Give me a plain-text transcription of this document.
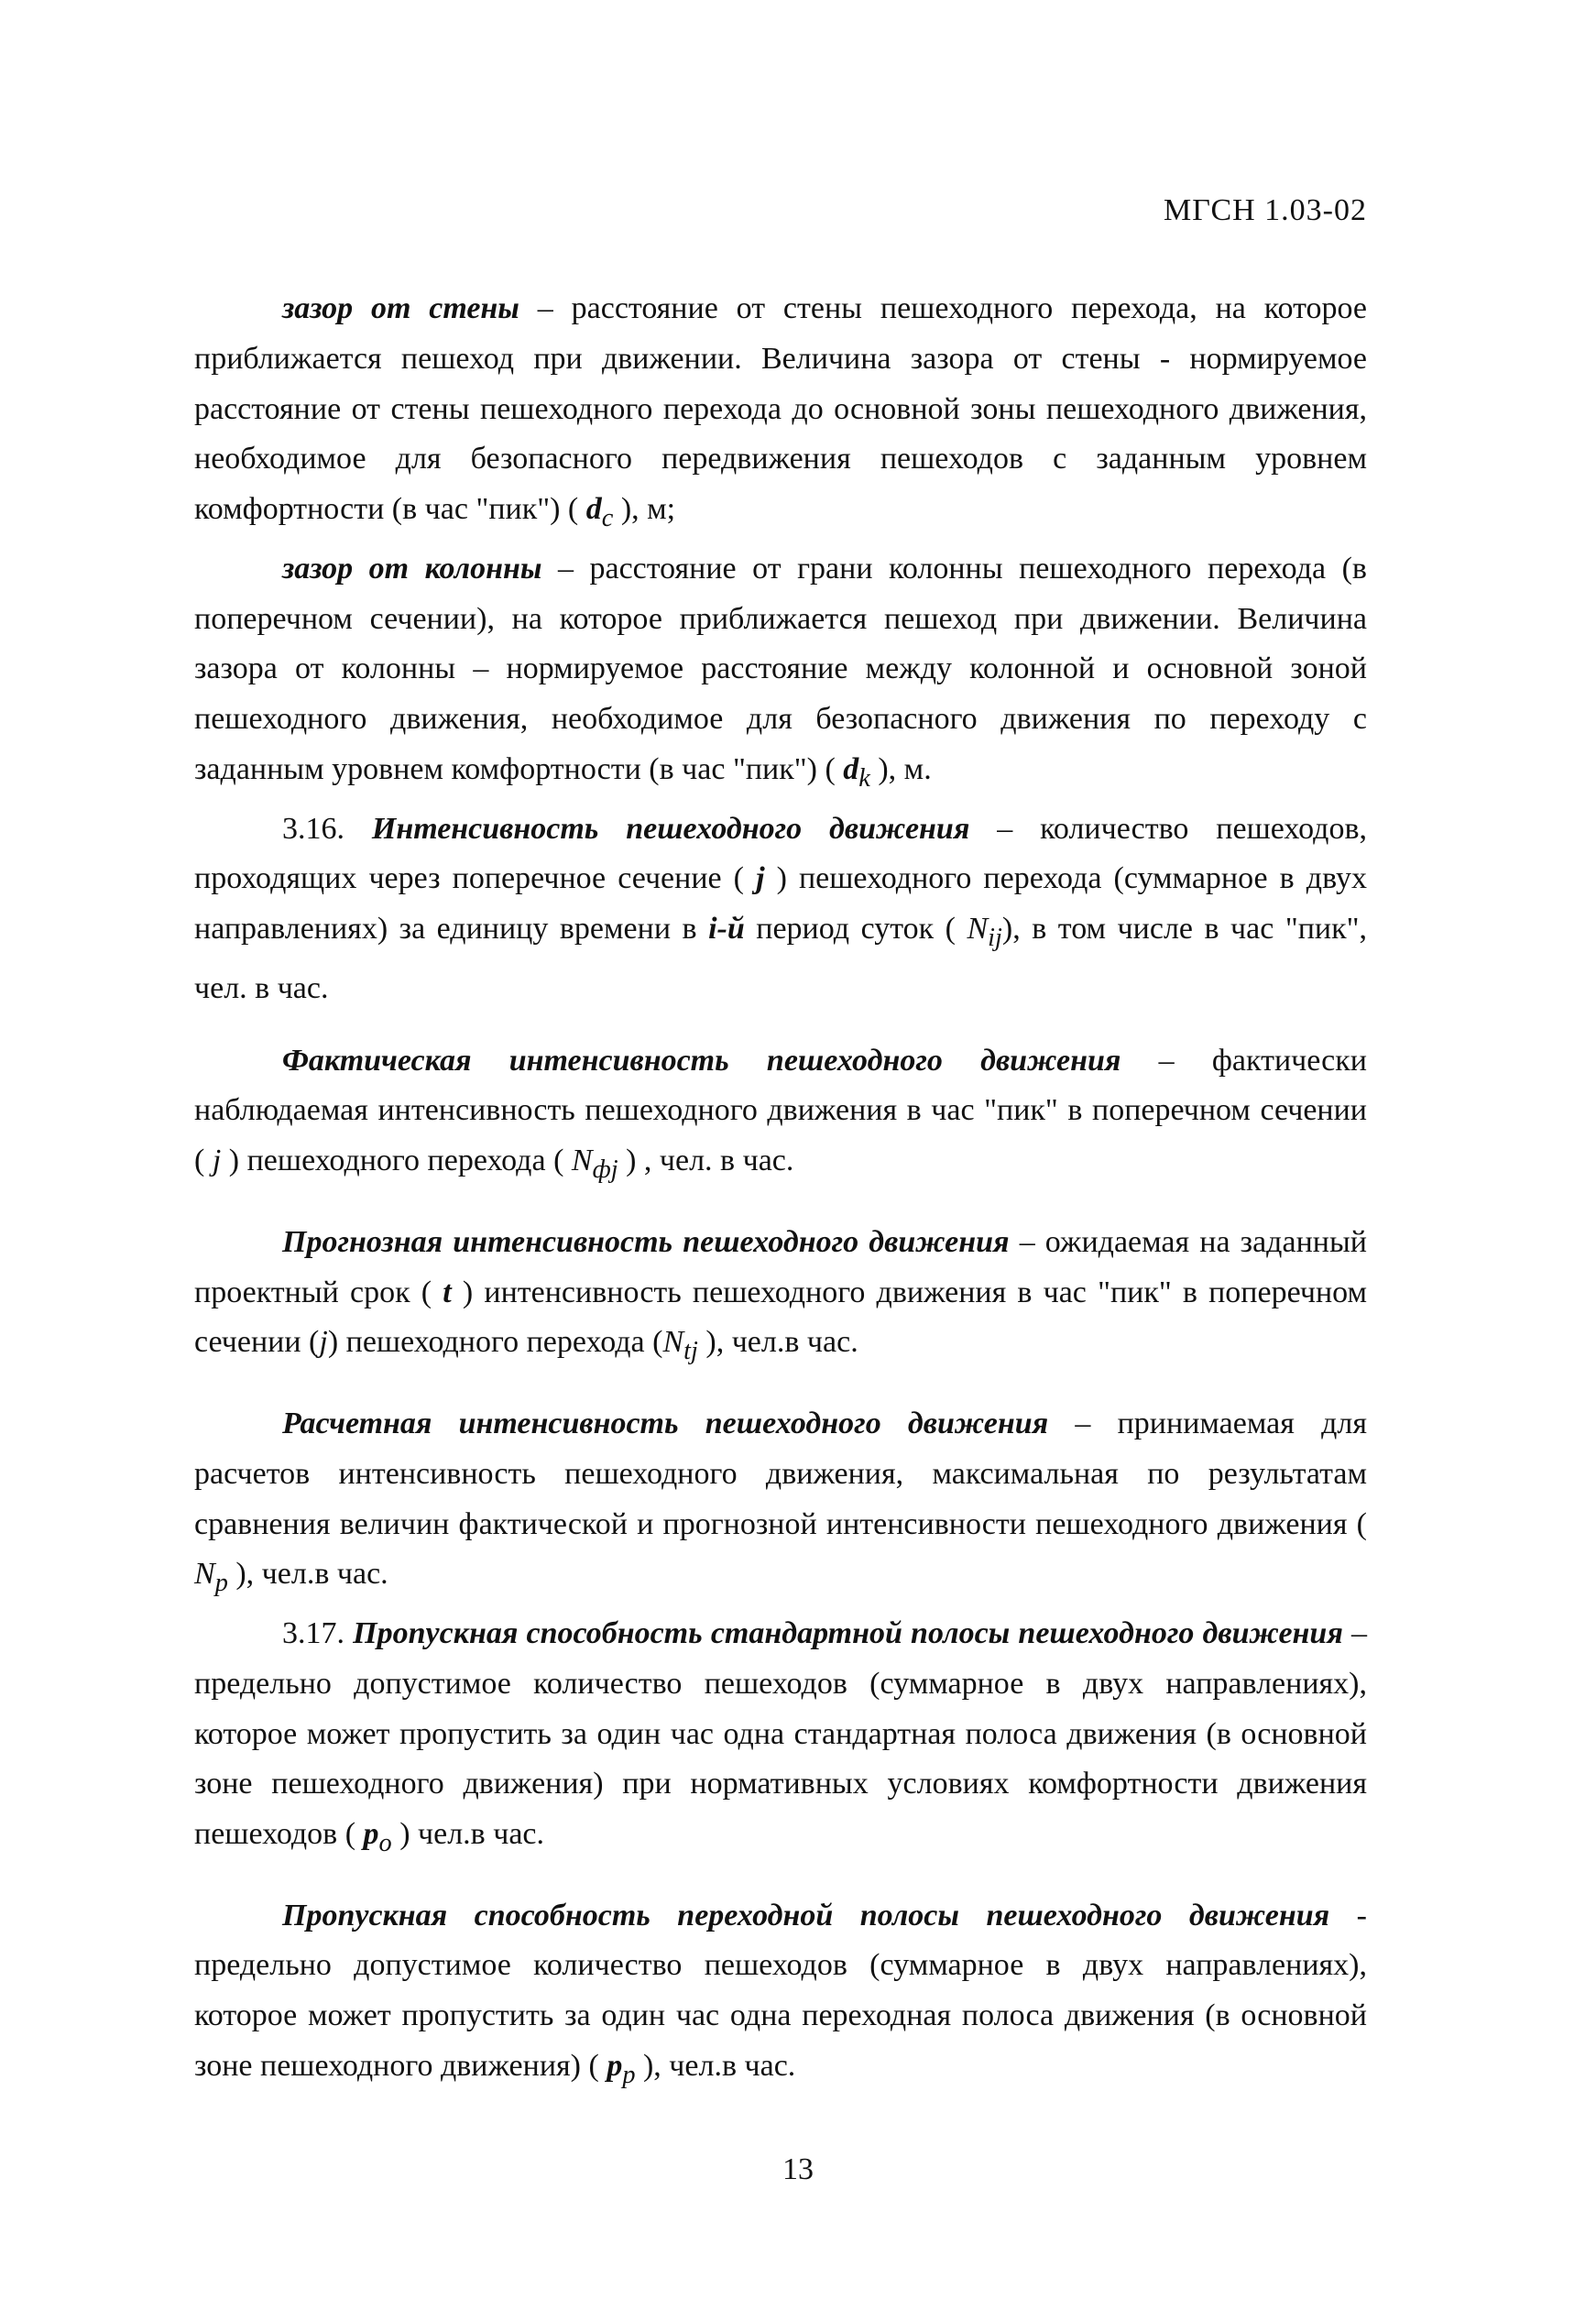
МГСН 1.03-02

зазор от стены – расстояние от стены пешеходного перехода, на которое приближается пешеход при движении. Величина зазора от стены - нормируемое расстояние от стены пешеходного перехода до основной зоны пешеходного движения, необходимое для безопасного передвижения пешеходов с заданным уровнем комфортности (в час "пик") ( $d_c$ ), м;

зазор от колонны – расстояние от грани колонны пешеходного перехода (в поперечном сечении), на которое приближается пешеход при движении. Величина зазора от колонны – нормируемое расстояние между колонной и основной зоной пешеходного движения, необходимое для безопасного движения по переходу с заданным уровнем комфортности (в час "пик") ( $d_k$ ), м.

3.16. Интенсивность пешеходного движения – количество пешеходов, проходящих через поперечное сечение ( j ) пешеходного перехода (суммарное в двух направлениях) за единицу времени в i-й период суток ( $N_{ij}$), в том числе в час "пик", чел. в час.

Фактическая интенсивность пешеходного движения – фактически наблюдаемая интенсивность пешеходного движения в час "пик" в поперечном сечении ( j ) пешеходного перехода ( $N_{фj}$ ) , чел. в час.

Прогнозная интенсивность пешеходного движения – ожидаемая на заданный проектный срок ( t ) интенсивность пешеходного движения в час "пик" в поперечном сечении (j) пешеходного перехода ($N_{tj}$ ), чел.в час.

Расчетная интенсивность пешеходного движения – принимаемая для расчетов интенсивность пешеходного движения, максимальная по результатам сравнения величин фактической и прогнозной интенсивности пешеходного движения ( $N_p$ ), чел.в час.

3.17. Пропускная способность стандартной полосы пешеходного движения – предельно допустимое количество пешеходов (суммарное в двух направлениях), которое может пропустить за один час одна стандартная полоса движения (в основной зоне пешеходного движения) при нормативных условиях комфортности движения пешеходов ( $p_o$ ) чел.в час.

Пропускная способность переходной полосы пешеходного движения - предельно допустимое количество пешеходов (суммарное в двух направлениях), которое может пропустить за один час одна переходная полоса движения (в основной зоне пешеходного движения) ( $p_p$ ), чел.в час.

13
